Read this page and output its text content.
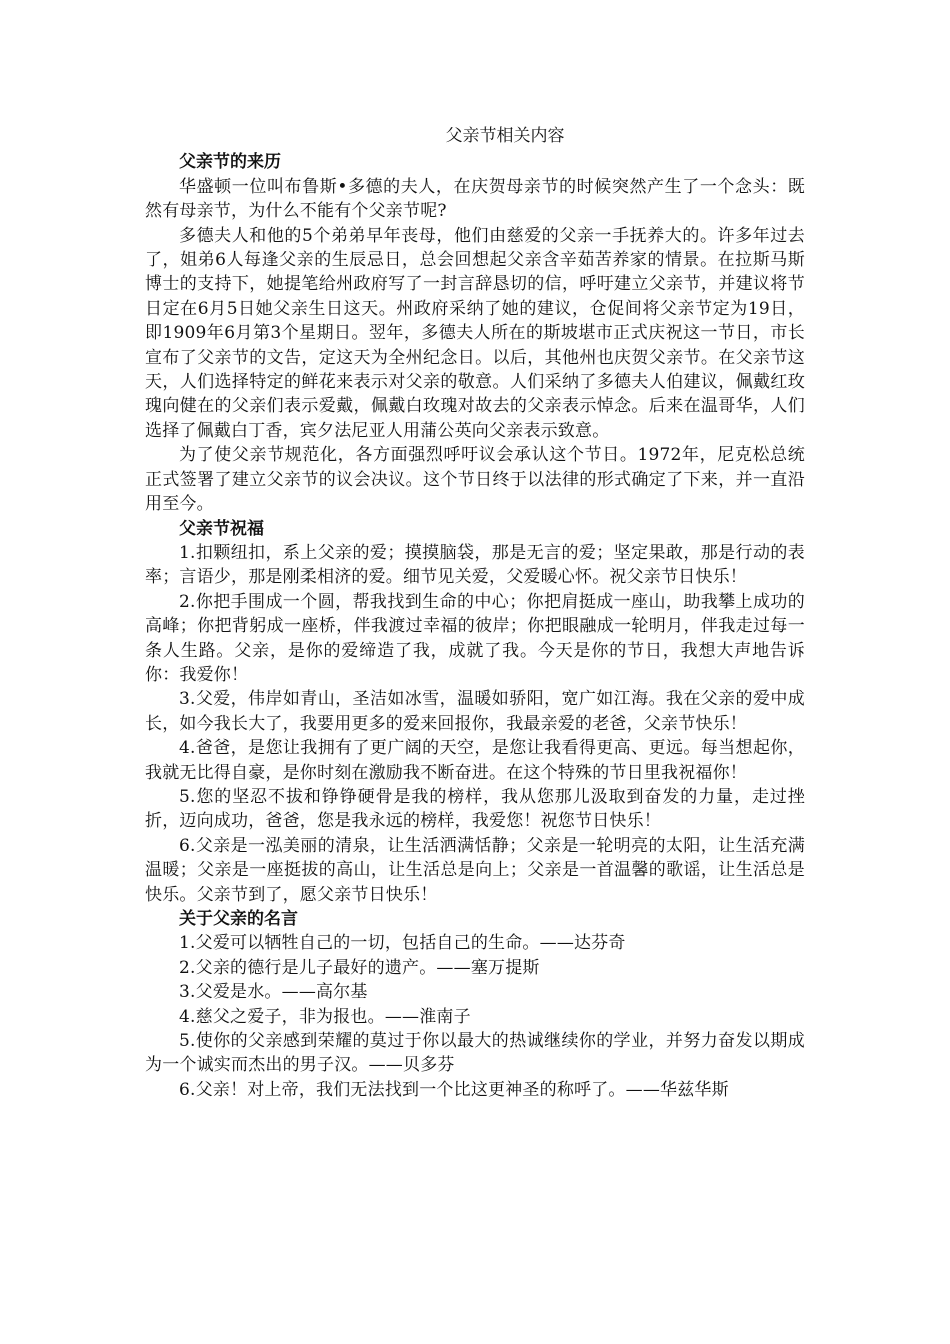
父亲节相关内容
父亲节的来历

华盛顿一位叫布鲁斯•多德的夫人，在庆贺母亲节的时候突然产生了一个念头：既然有母亲节，为什么不能有个父亲节呢?

多德夫人和他的5个弟弟早年丧母，他们由慈爱的父亲一手抚养大的。许多年过去了，姐弟6人每逢父亲的生辰忌日，总会回想起父亲含辛茹苦养家的情景。在拉斯马斯博士的支持下，她提笔给州政府写了一封言辞恳切的信，呼吁建立父亲节，并建议将节日定在6月5日她父亲生日这天。州政府采纳了她的建议，仓促间将父亲节定为19日，即1909年6月第3个星期日。翌年，多德夫人所在的斯坡堪市正式庆祝这一节日，市长宣布了父亲节的文告，定这天为全州纪念日。以后，其他州也庆贺父亲节。在父亲节这天，人们选择特定的鲜花来表示对父亲的敬意。人们采纳了多德夫人伯建议，佩戴红玫瑰向健在的父亲们表示爱戴，佩戴白玫瑰对故去的父亲表示悼念。后来在温哥华，人们选择了佩戴白丁香，宾夕法尼亚人用蒲公英向父亲表示致意。

为了使父亲节规范化，各方面强烈呼吁议会承认这个节日。1972年，尼克松总统正式签署了建立父亲节的议会决议。这个节日终于以法律的形式确定了下来，并一直沿用至今。

父亲节祝福

1.扣颗纽扣，系上父亲的爱；摸摸脑袋，那是无言的爱；坚定果敢，那是行动的表率；言语少，那是刚柔相济的爱。细节见关爱，父爱暖心怀。祝父亲节日快乐！

2.你把手围成一个圆，帮我找到生命的中心；你把肩挺成一座山，助我攀上成功的高峰；你把背躬成一座桥，伴我渡过幸福的彼岸；你把眼融成一轮明月，伴我走过每一条人生路。父亲，是你的爱缔造了我，成就了我。今天是你的节日，我想大声地告诉你：我爱你！

3.父爱，伟岸如青山，圣洁如冰雪，温暖如骄阳，宽广如江海。我在父亲的爱中成长，如今我长大了，我要用更多的爱来回报你，我最亲爱的老爸，父亲节快乐！

4.爸爸，是您让我拥有了更广阔的天空，是您让我看得更高、更远。每当想起你，我就无比得自豪，是你时刻在激励我不断奋进。在这个特殊的节日里我祝福你！

5.您的坚忍不拔和铮铮硬骨是我的榜样，我从您那儿汲取到奋发的力量，走过挫折，迈向成功，爸爸，您是我永远的榜样，我爱您！祝您节日快乐！

6.父亲是一泓美丽的清泉，让生活洒满恬静；父亲是一轮明亮的太阳，让生活充满温暖；父亲是一座挺拔的高山，让生活总是向上；父亲是一首温馨的歌谣，让生活总是快乐。父亲节到了，愿父亲节日快乐！

关于父亲的名言

1.父爱可以牺牲自己的一切，包括自己的生命。——达芬奇

2.父亲的德行是儿子最好的遗产。——塞万提斯

3.父爱是水。——高尔基

4.慈父之爱子，非为报也。——淮南子

5.使你的父亲感到荣耀的莫过于你以最大的热诚继续你的学业，并努力奋发以期成为一个诚实而杰出的男子汉。——贝多芬

6.父亲！对上帝，我们无法找到一个比这更神圣的称呼了。——华兹华斯
